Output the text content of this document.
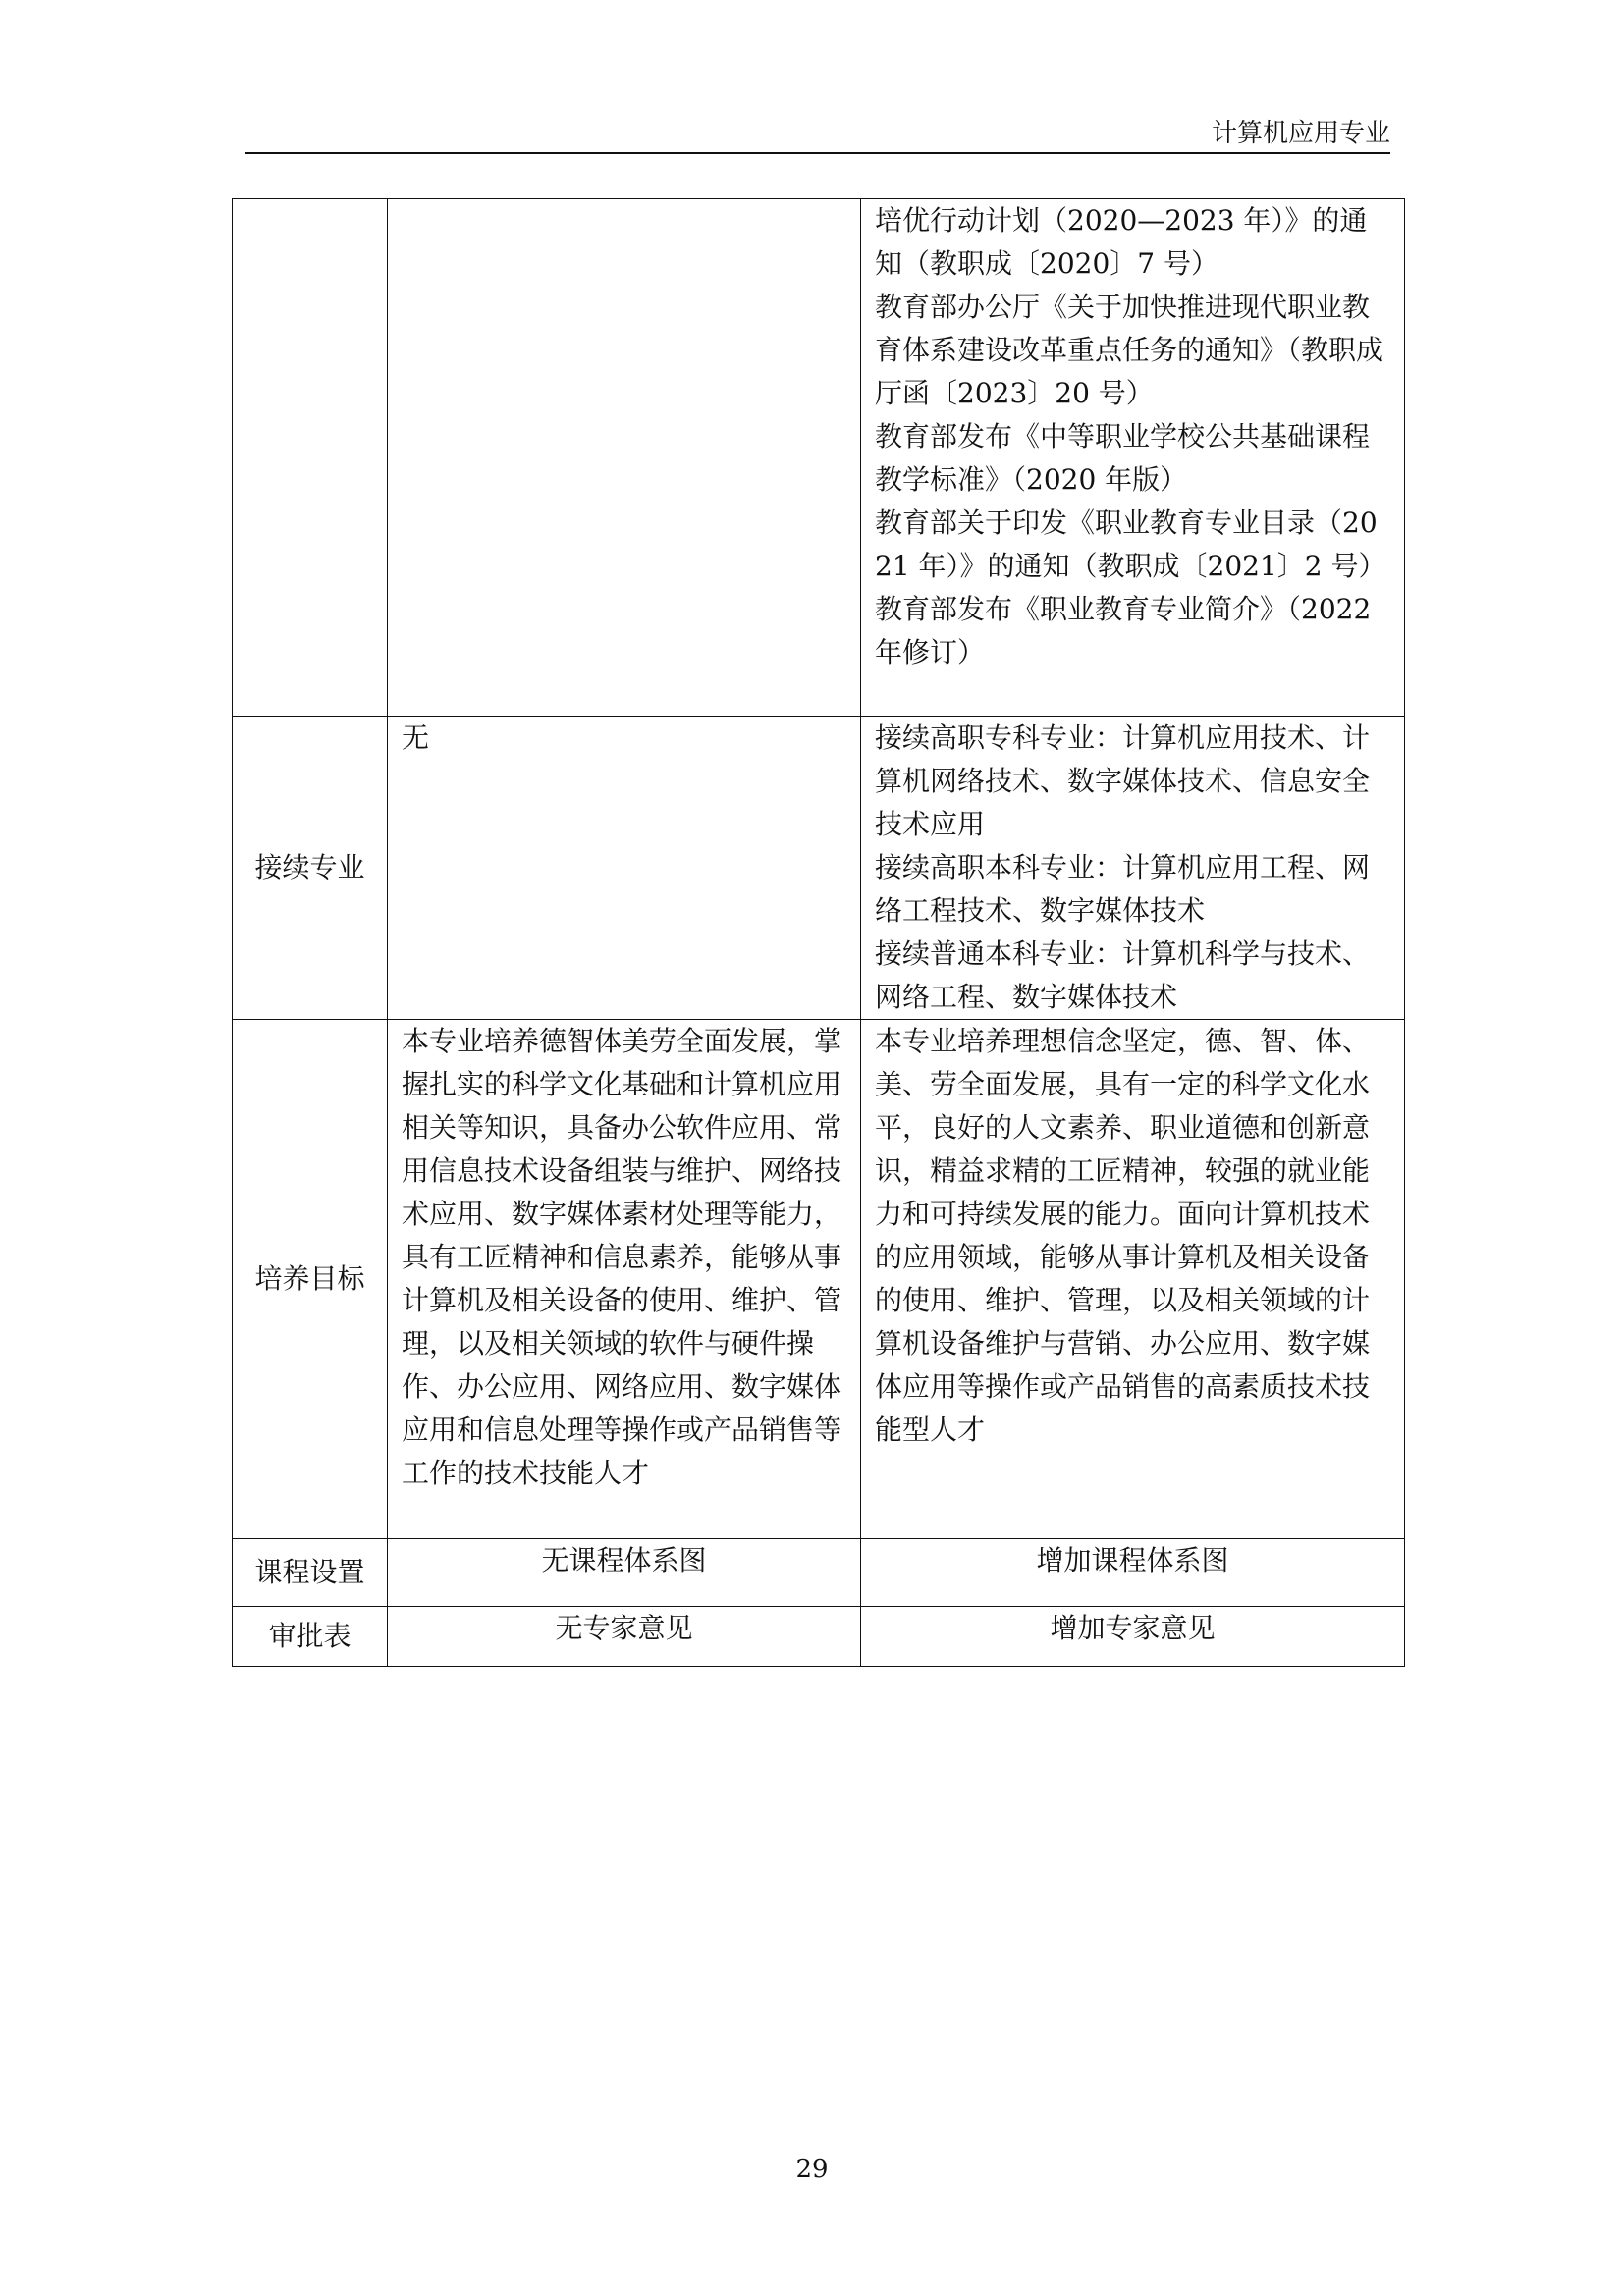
计算机应用专业

		培优行动计划（2020—2023 年）》的通知（教职成〔2020〕7 号）
教育部办公厅《关于加快推进现代职业教育体系建设改革重点任务的通知》（教职成厅函〔2023〕20 号）
教育部发布《中等职业学校公共基础课程教学标准》（2020 年版）
教育部关于印发《职业教育专业目录（2021 年）》的通知（教职成〔2021〕2 号）
教育部发布《职业教育专业简介》（2022 年修订）

接续专业	无	接续高职专科专业：计算机应用技术、计算机网络技术、数字媒体技术、信息安全技术应用
接续高职本科专业：计算机应用工程、网络工程技术、数字媒体技术
接续普通本科专业：计算机科学与技术、网络工程、数字媒体技术

培养目标	本专业培养德智体美劳全面发展，掌握扎实的科学文化基础和计算机应用相关等知识，具备办公软件应用、常用信息技术设备组装与维护、网络技术应用、数字媒体素材处理等能力，具有工匠精神和信息素养，能够从事计算机及相关设备的使用、维护、管理，以及相关领域的软件与硬件操作、办公应用、网络应用、数字媒体应用和信息处理等操作或产品销售等工作的技术技能人才	本专业培养理想信念坚定，德、智、体、美、劳全面发展，具有一定的科学文化水平，良好的人文素养、职业道德和创新意识，精益求精的工匠精神，较强的就业能力和可持续发展的能力。面向计算机技术的应用领域，能够从事计算机及相关设备的使用、维护、管理，以及相关领域的计算机设备维护与营销、办公应用、数字媒体应用等操作或产品销售的高素质技术技能型人才
课程设置	无课程体系图	增加课程体系图
审批表	无专家意见	增加专家意见
29
